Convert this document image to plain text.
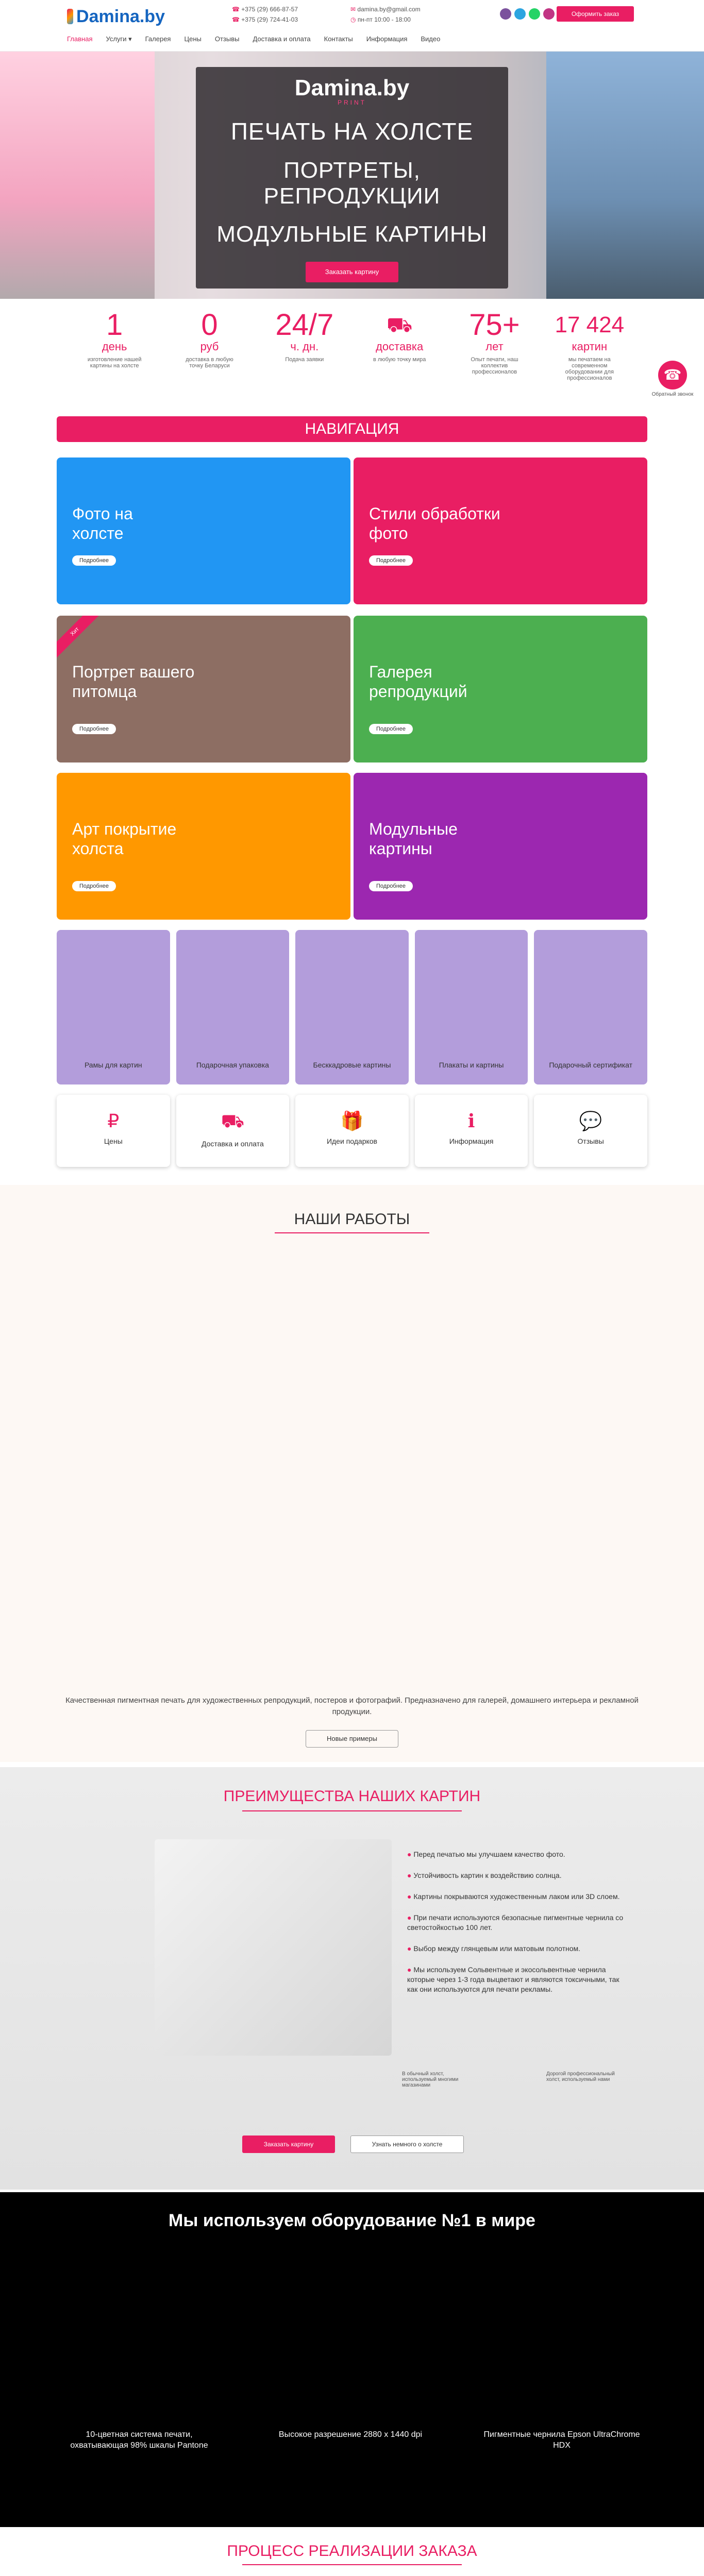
Damina.by	☎ +375 (29) 666-87-57
☎ +375 (29) 724-41-03
✉ damina.by@gmail.com
◷ пн-пт 10:00 - 18:00
Оформить заказ
Главная Услуги ▾ Галерея Цены Отзывы Доставка и оплата Контакты Информация Видео
Damina.by
PRINT
ПЕЧАТЬ НА ХОЛСТЕ
ПОРТРЕТЫ, РЕПРОДУКЦИИ
МОДУЛЬНЫЕ КАРТИНЫ
Заказать картину
1
день
изготовление нашей картины на холсте
0
руб
доставка в любую точку Беларуси
24/7
ч. дн.
Подача заявки
⛟
доставка
в любую точку мира
75+
лет
Опыт печати, наш коллектив профессионалов
17 424
картин
мы печатаем на современном оборудовании для профессионалов	☎
Обратный звонок
НАВИГАЦИЯ
Фото на холсте
Подробнее
Стили обработки фото
Подробнее
Хит
Портрет вашего питомца
Подробнее
Галерея репродукций
Подробнее
Арт покрытие холста
Подробнее
Модульные картины
Подробнее
Рамы для картин	Подарочная упаковка	Бесккадровые картины	Плакаты и картины	Подарочный сертификат
₽
Цены
⛟
Доставка и оплата
🎁
Идеи подарков
ℹ
Информация
💬
Отзывы
НАШИ РАБОТЫ
Качественная пигментная печать для художественных репродукций, постеров и фотографий. Предназначено для галерей, домашнего интерьера и рекламной продукции.
Новые примеры
ПРЕИМУЩЕСТВА НАШИХ КАРТИН
● Перед печатью мы улучшаем качество фото.
● Устойчивость картин к воздействию солнца.
● Картины покрываются художественным лаком или 3D слоем.
● При печати используются безопасные пигментные чернила со светостойкостью 100 лет.
● Выбор между глянцевым или матовым полотном.
● Мы используем Сольвентные и экосольвентные чернила которые через 1-3 года выцветают и являются токсичными, так как они используются для печати рекламы.
В обычный холст, используемый многими магазинами
Дорогой профессиональный холст, используемый нами
Заказать картину	Узнать немного о холсте
Мы используем оборудование №1 в мире
10-цветная система печати, охватывающая 98% шкалы Pantone
Высокое разрешение 2880 x 1440 dpi	Пигментные чернила Epson UltraChrome HDX
ПРОЦЕСС РЕАЛИЗАЦИИ ЗАКАЗА
